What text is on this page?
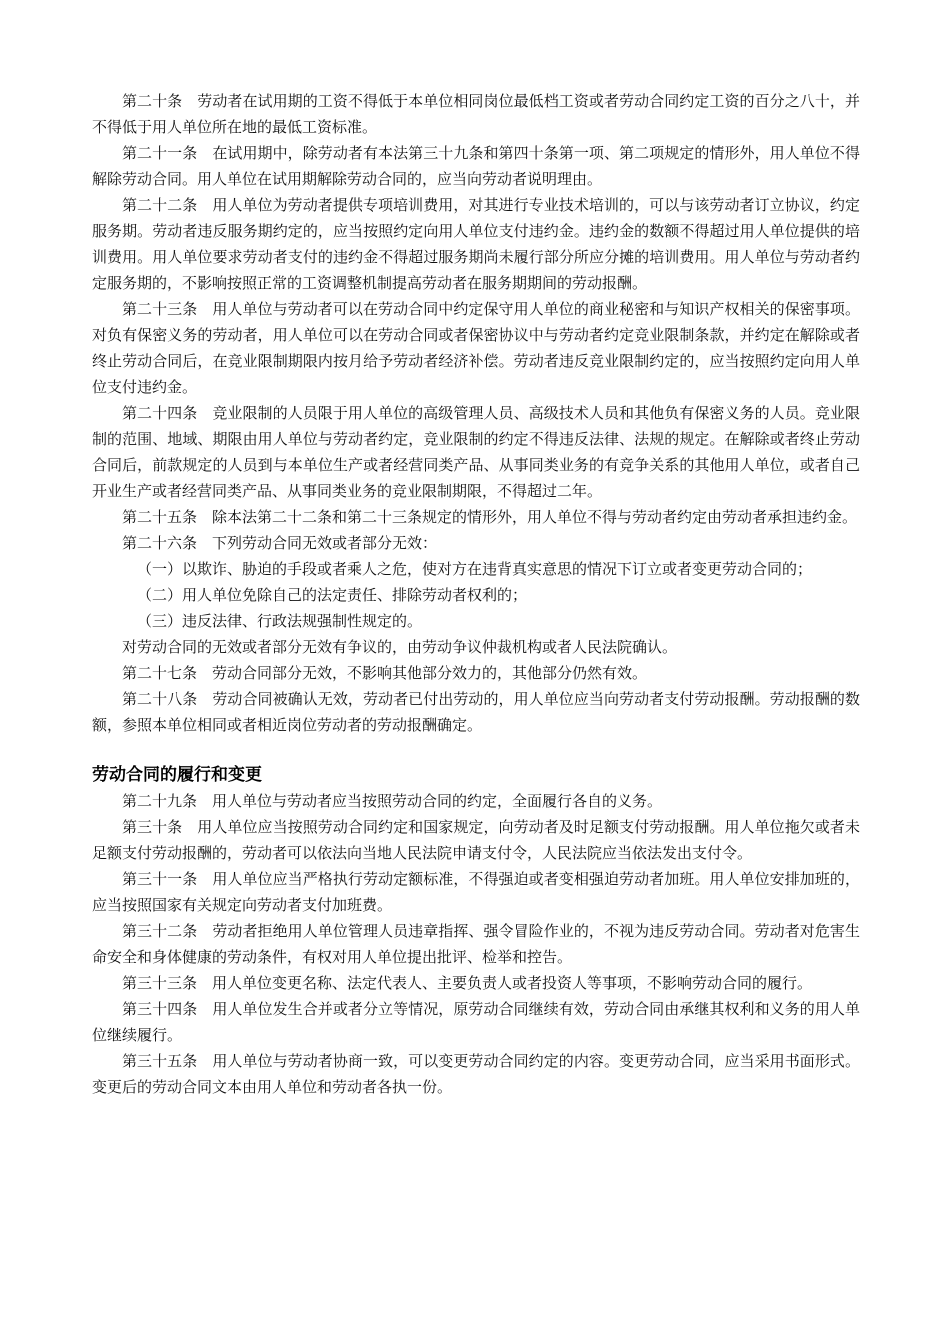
第二十条　劳动者在试用期的工资不得低于本单位相同岗位最低档工资或者劳动合同约定工资的百分之八十，并不得低于用人单位所在地的最低工资标准。

第二十一条　在试用期中，除劳动者有本法第三十九条和第四十条第一项、第二项规定的情形外，用人单位不得解除劳动合同。用人单位在试用期解除劳动合同的，应当向劳动者说明理由。

第二十二条　用人单位为劳动者提供专项培训费用，对其进行专业技术培训的，可以与该劳动者订立协议，约定服务期。劳动者违反服务期约定的，应当按照约定向用人单位支付违约金。违约金的数额不得超过用人单位提供的培训费用。用人单位要求劳动者支付的违约金不得超过服务期尚未履行部分所应分摊的培训费用。用人单位与劳动者约定服务期的，不影响按照正常的工资调整机制提高劳动者在服务期期间的劳动报酬。

第二十三条　用人单位与劳动者可以在劳动合同中约定保守用人单位的商业秘密和与知识产权相关的保密事项。对负有保密义务的劳动者，用人单位可以在劳动合同或者保密协议中与劳动者约定竞业限制条款，并约定在解除或者终止劳动合同后，在竞业限制期限内按月给予劳动者经济补偿。劳动者违反竞业限制约定的，应当按照约定向用人单位支付违约金。

第二十四条　竞业限制的人员限于用人单位的高级管理人员、高级技术人员和其他负有保密义务的人员。竞业限制的范围、地域、期限由用人单位与劳动者约定，竞业限制的约定不得违反法律、法规的规定。在解除或者终止劳动合同后，前款规定的人员到与本单位生产或者经营同类产品、从事同类业务的有竞争关系的其他用人单位，或者自己开业生产或者经营同类产品、从事同类业务的竞业限制期限，不得超过二年。

第二十五条　除本法第二十二条和第二十三条规定的情形外，用人单位不得与劳动者约定由劳动者承担违约金。

第二十六条　下列劳动合同无效或者部分无效：

（一）以欺诈、胁迫的手段或者乘人之危，使对方在违背真实意思的情况下订立或者变更劳动合同的；

（二）用人单位免除自己的法定责任、排除劳动者权利的；

（三）违反法律、行政法规强制性规定的。

对劳动合同的无效或者部分无效有争议的，由劳动争议仲裁机构或者人民法院确认。

第二十七条　劳动合同部分无效，不影响其他部分效力的，其他部分仍然有效。

第二十八条　劳动合同被确认无效，劳动者已付出劳动的，用人单位应当向劳动者支付劳动报酬。劳动报酬的数额，参照本单位相同或者相近岗位劳动者的劳动报酬确定。

劳动合同的履行和变更

第二十九条　用人单位与劳动者应当按照劳动合同的约定，全面履行各自的义务。

第三十条　用人单位应当按照劳动合同约定和国家规定，向劳动者及时足额支付劳动报酬。用人单位拖欠或者未足额支付劳动报酬的，劳动者可以依法向当地人民法院申请支付令，人民法院应当依法发出支付令。

第三十一条　用人单位应当严格执行劳动定额标准，不得强迫或者变相强迫劳动者加班。用人单位安排加班的，应当按照国家有关规定向劳动者支付加班费。

第三十二条　劳动者拒绝用人单位管理人员违章指挥、强令冒险作业的，不视为违反劳动合同。劳动者对危害生命安全和身体健康的劳动条件，有权对用人单位提出批评、检举和控告。

第三十三条　用人单位变更名称、法定代表人、主要负责人或者投资人等事项，不影响劳动合同的履行。

第三十四条　用人单位发生合并或者分立等情况，原劳动合同继续有效，劳动合同由承继其权利和义务的用人单位继续履行。

第三十五条　用人单位与劳动者协商一致，可以变更劳动合同约定的内容。变更劳动合同，应当采用书面形式。变更后的劳动合同文本由用人单位和劳动者各执一份。
